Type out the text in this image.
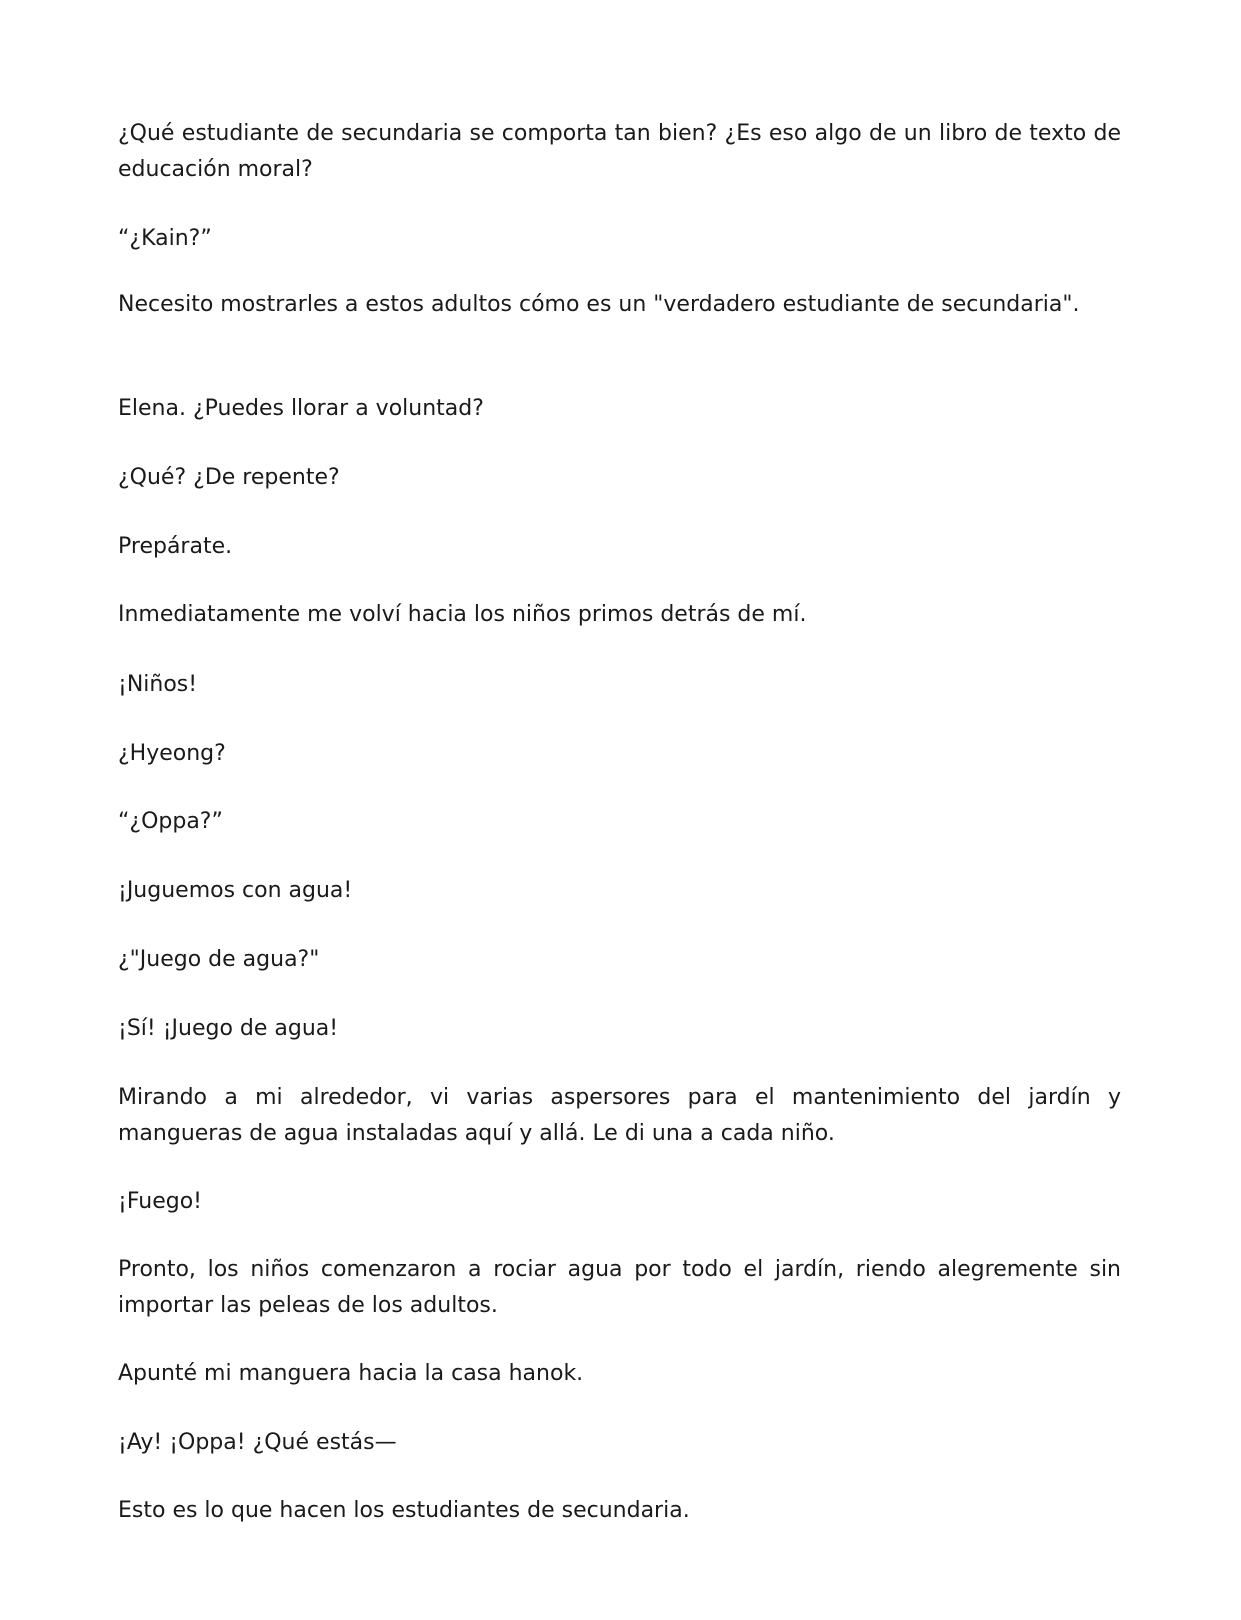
¿Qué estudiante de secundaria se comporta tan bien? ¿Es eso algo de un libro de texto de educación moral?

“¿Kain?”

Necesito mostrarles a estos adultos cómo es un "verdadero estudiante de secundaria".

Elena. ¿Puedes llorar a voluntad?

¿Qué? ¿De repente?

Prepárate.

Inmediatamente me volví hacia los niños primos detrás de mí.

¡Niños!

¿Hyeong?

“¿Oppa?”

¡Juguemos con agua!

¿"Juego de agua?"

¡Sí! ¡Juego de agua!

Mirando a mi alrededor, vi varias aspersores para el mantenimiento del jardín y mangueras de agua instaladas aquí y allá. Le di una a cada niño.

¡Fuego!

Pronto, los niños comenzaron a rociar agua por todo el jardín, riendo alegremente sin importar las peleas de los adultos.

Apunté mi manguera hacia la casa hanok.

¡Ay! ¡Oppa! ¿Qué estás—

Esto es lo que hacen los estudiantes de secundaria.
